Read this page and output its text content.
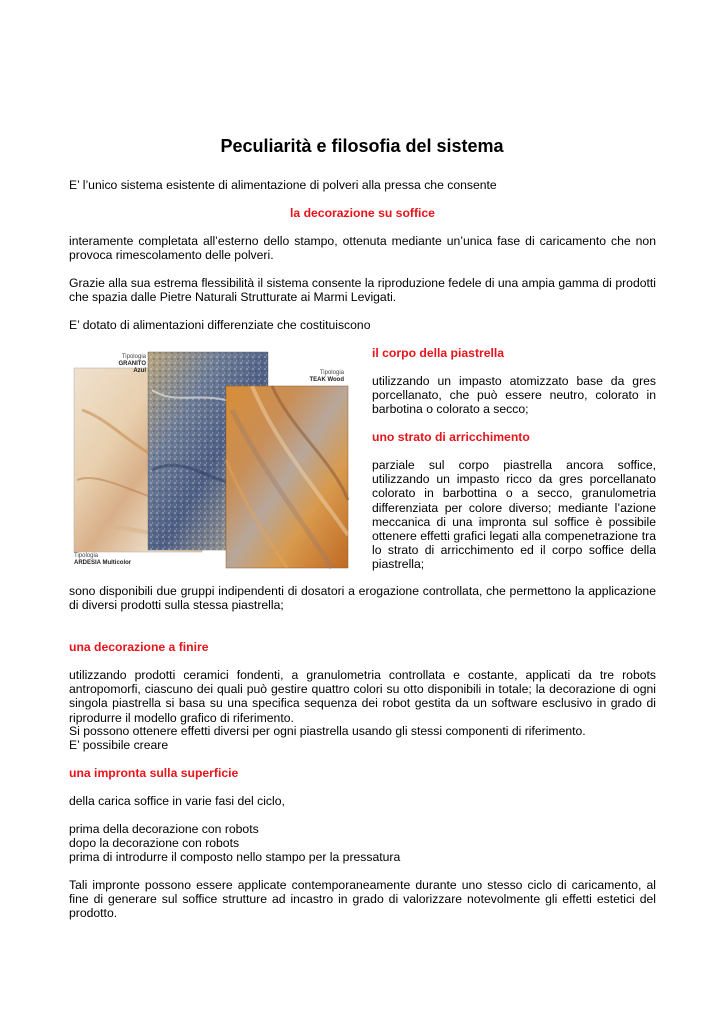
Peculiarità e filosofia del sistema

E’ l’unico sistema esistente di alimentazione di polveri alla pressa che consente

la decorazione su soffice

interamente completata all’esterno dello stampo, ottenuta mediante un’unica fase di caricamento che non provoca rimescolamento delle polveri.

Grazie alla sua estrema flessibilità il sistema consente la riproduzione fedele di una ampia gamma di prodotti che spazia dalle Pietre Naturali Strutturate ai Marmi Levigati.

E’ dotato di alimentazioni differenziate che costituiscono

Tipologia
GRANITO Azul	Tipologia
TEAK Wood
Tipologia
ARDESIA Multicolor

il corpo della piastrella

utilizzando un impasto atomizzato base da gres porcellanato, che può essere neutro, colorato in barbotina o colorato a secco;

uno strato di arricchimento

parziale sul corpo piastrella ancora soffice, utilizzando un impasto ricco da gres porcellanato colorato in barbottina o a secco, granulometria differenziata per colore diverso; mediante l’azione meccanica di una impronta sul soffice è possibile ottenere effetti grafici legati alla compenetrazione tra lo strato di arricchimento ed il corpo soffice della piastrella;

sono disponibili due gruppi indipendenti di dosatori a erogazione controllata, che permettono la applicazione di diversi prodotti sulla stessa piastrella;

una decorazione a finire

utilizzando prodotti ceramici fondenti, a granulometria controllata e costante, applicati da tre robots antropomorfi, ciascuno dei quali può gestire quattro colori su otto disponibili in totale; la decorazione di ogni singola piastrella si basa su una specifica sequenza dei robot gestita da un software esclusivo in grado di riprodurre il modello grafico di riferimento.

Si possono ottenere effetti diversi per ogni piastrella usando gli stessi componenti di riferimento.

E’ possibile creare

una impronta sulla superficie

della carica soffice in varie fasi del ciclo,

prima della decorazione con robots

dopo la decorazione con robots

prima di introdurre il composto nello stampo per la pressatura

Tali impronte possono essere applicate contemporaneamente durante uno stesso ciclo di caricamento, al fine di generare sul soffice strutture ad incastro in grado di valorizzare notevolmente gli effetti estetici del prodotto.
